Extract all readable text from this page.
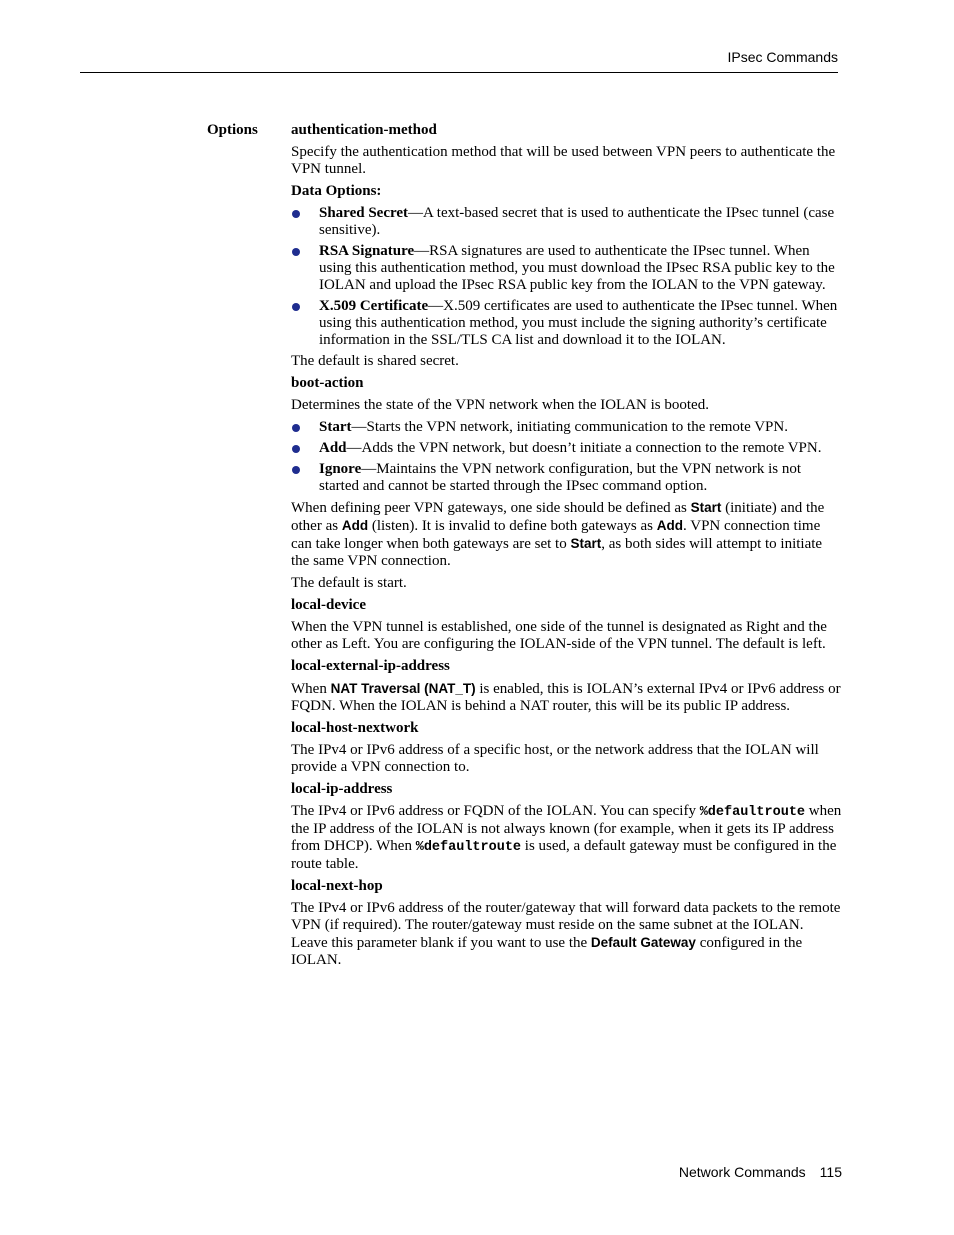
IPsec Commands
Options authentication-method

Specify the authentication method that will be used between VPN peers to authenticate the VPN tunnel.

Data Options:

Shared Secret—A text-based secret that is used to authenticate the IPsec tunnel (case sensitive).
RSA Signature—RSA signatures are used to authenticate the IPsec tunnel. When using this authentication method, you must download the IPsec RSA public key to the IOLAN and upload the IPsec RSA public key from the IOLAN to the VPN gateway.
X.509 Certificate—X.509 certificates are used to authenticate the IPsec tunnel. When using this authentication method, you must include the signing authority’s certificate information in the SSL/TLS CA list and download it to the IOLAN.

The default is shared secret.

boot-action

Determines the state of the VPN network when the IOLAN is booted.

Start—Starts the VPN network, initiating communication to the remote VPN.
Add—Adds the VPN network, but doesn’t initiate a connection to the remote VPN.
Ignore—Maintains the VPN network configuration, but the VPN network is not started and cannot be started through the IPsec command option.

When defining peer VPN gateways, one side should be defined as Start (initiate) and the other as Add (listen). It is invalid to define both gateways as Add. VPN connection time can take longer when both gateways are set to Start, as both sides will attempt to initiate the same VPN connection.

The default is start.

local-device

When the VPN tunnel is established, one side of the tunnel is designated as Right and the other as Left. You are configuring the IOLAN-side of the VPN tunnel. The default is left.

local-external-ip-address

When NAT Traversal (NAT_T) is enabled, this is IOLAN’s external IPv4 or IPv6 address or FQDN. When the IOLAN is behind a NAT router, this will be its public IP address.

local-host-nextwork

The IPv4 or IPv6 address of a specific host, or the network address that the IOLAN will provide a VPN connection to.

local-ip-address

The IPv4 or IPv6 address or FQDN of the IOLAN. You can specify %defaultroute when the IP address of the IOLAN is not always known (for example, when it gets its IP address from DHCP). When %defaultroute is used, a default gateway must be configured in the route table.

local-next-hop

The IPv4 or IPv6 address of the router/gateway that will forward data packets to the remote VPN (if required). The router/gateway must reside on the same subnet at the IOLAN. Leave this parameter blank if you want to use the Default Gateway configured in the IOLAN.

Network Commands 115
